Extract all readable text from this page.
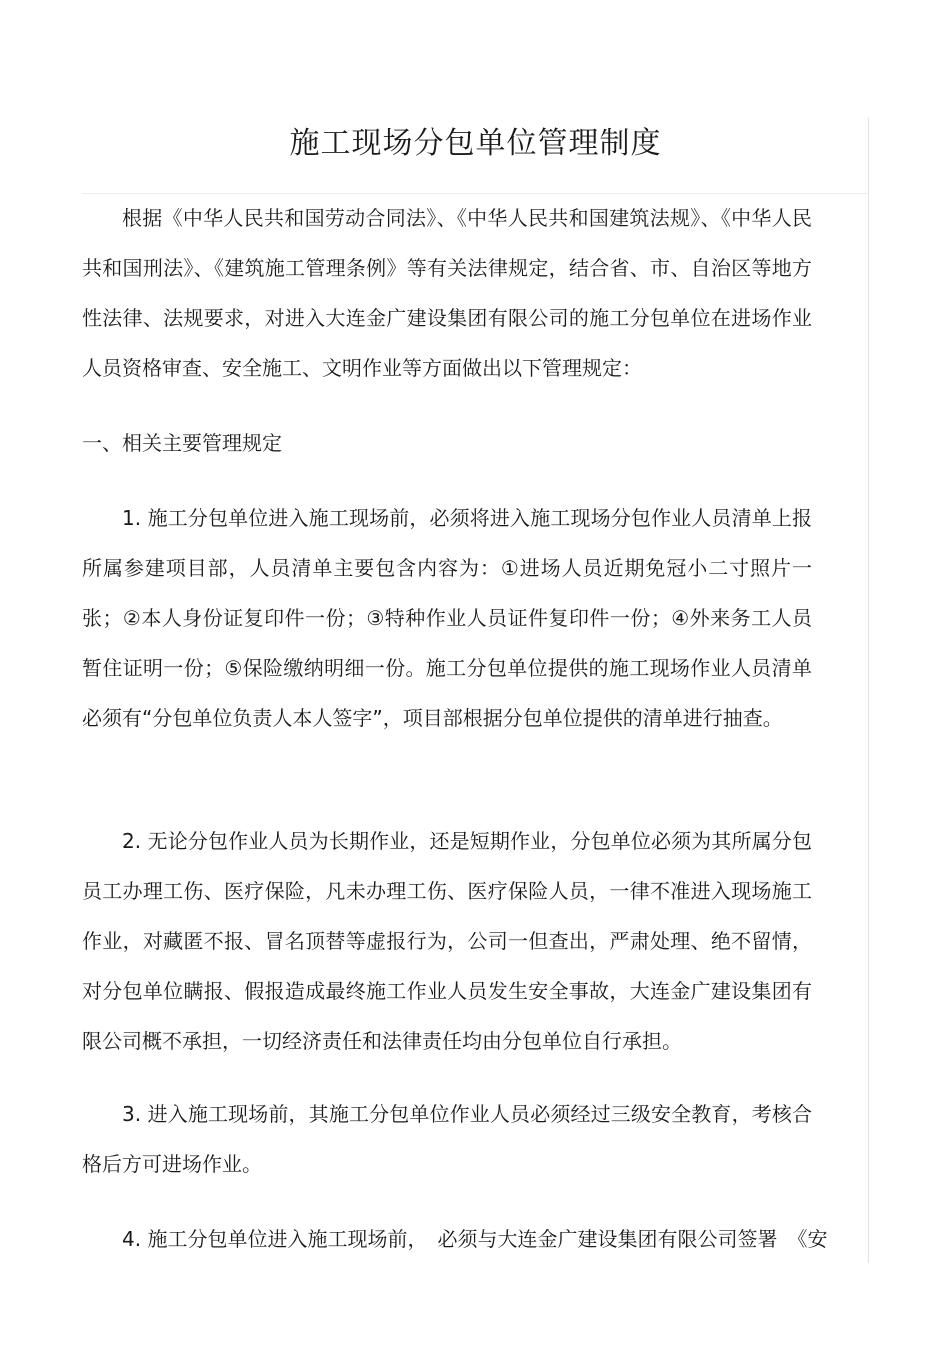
施工现场分包单位管理制度

根据《中华人民共和国劳动合同法》、《中华人民共和国建筑法规》、《中华人民共和国刑法》、《建筑施工管理条例》等有关法律规定，结合省、市、自治区等地方性法律、法规要求，对进入大连金广建设集团有限公司的施工分包单位在进场作业人员资格审查、安全施工、文明作业等方面做出以下管理规定：

一、相关主要管理规定

1. 施工分包单位进入施工现场前，必须将进入施工现场分包作业人员清单上报所属参建项目部，人员清单主要包含内容为：①进场人员近期免冠小二寸照片一张；②本人身份证复印件一份；③特种作业人员证件复印件一份；④外来务工人员暂住证明一份；⑤保险缴纳明细一份。施工分包单位提供的施工现场作业人员清单必须有“分包单位负责人本人签字”，项目部根据分包单位提供的清单进行抽查。

2. 无论分包作业人员为长期作业，还是短期作业，分包单位必须为其所属分包员工办理工伤、医疗保险，凡未办理工伤、医疗保险人员，一律不准进入现场施工作业，对藏匿不报、冒名顶替等虚报行为，公司一但查出，严肃处理、绝不留情，对分包单位瞒报、假报造成最终施工作业人员发生安全事故，大连金广建设集团有限公司概不承担，一切经济责任和法律责任均由分包单位自行承担。

3. 进入施工现场前，其施工分包单位作业人员必须经过三级安全教育，考核合格后方可进场作业。

4. 施工分包单位进入施工现场前，　必须与大连金广建设集团有限公司签署　《安
